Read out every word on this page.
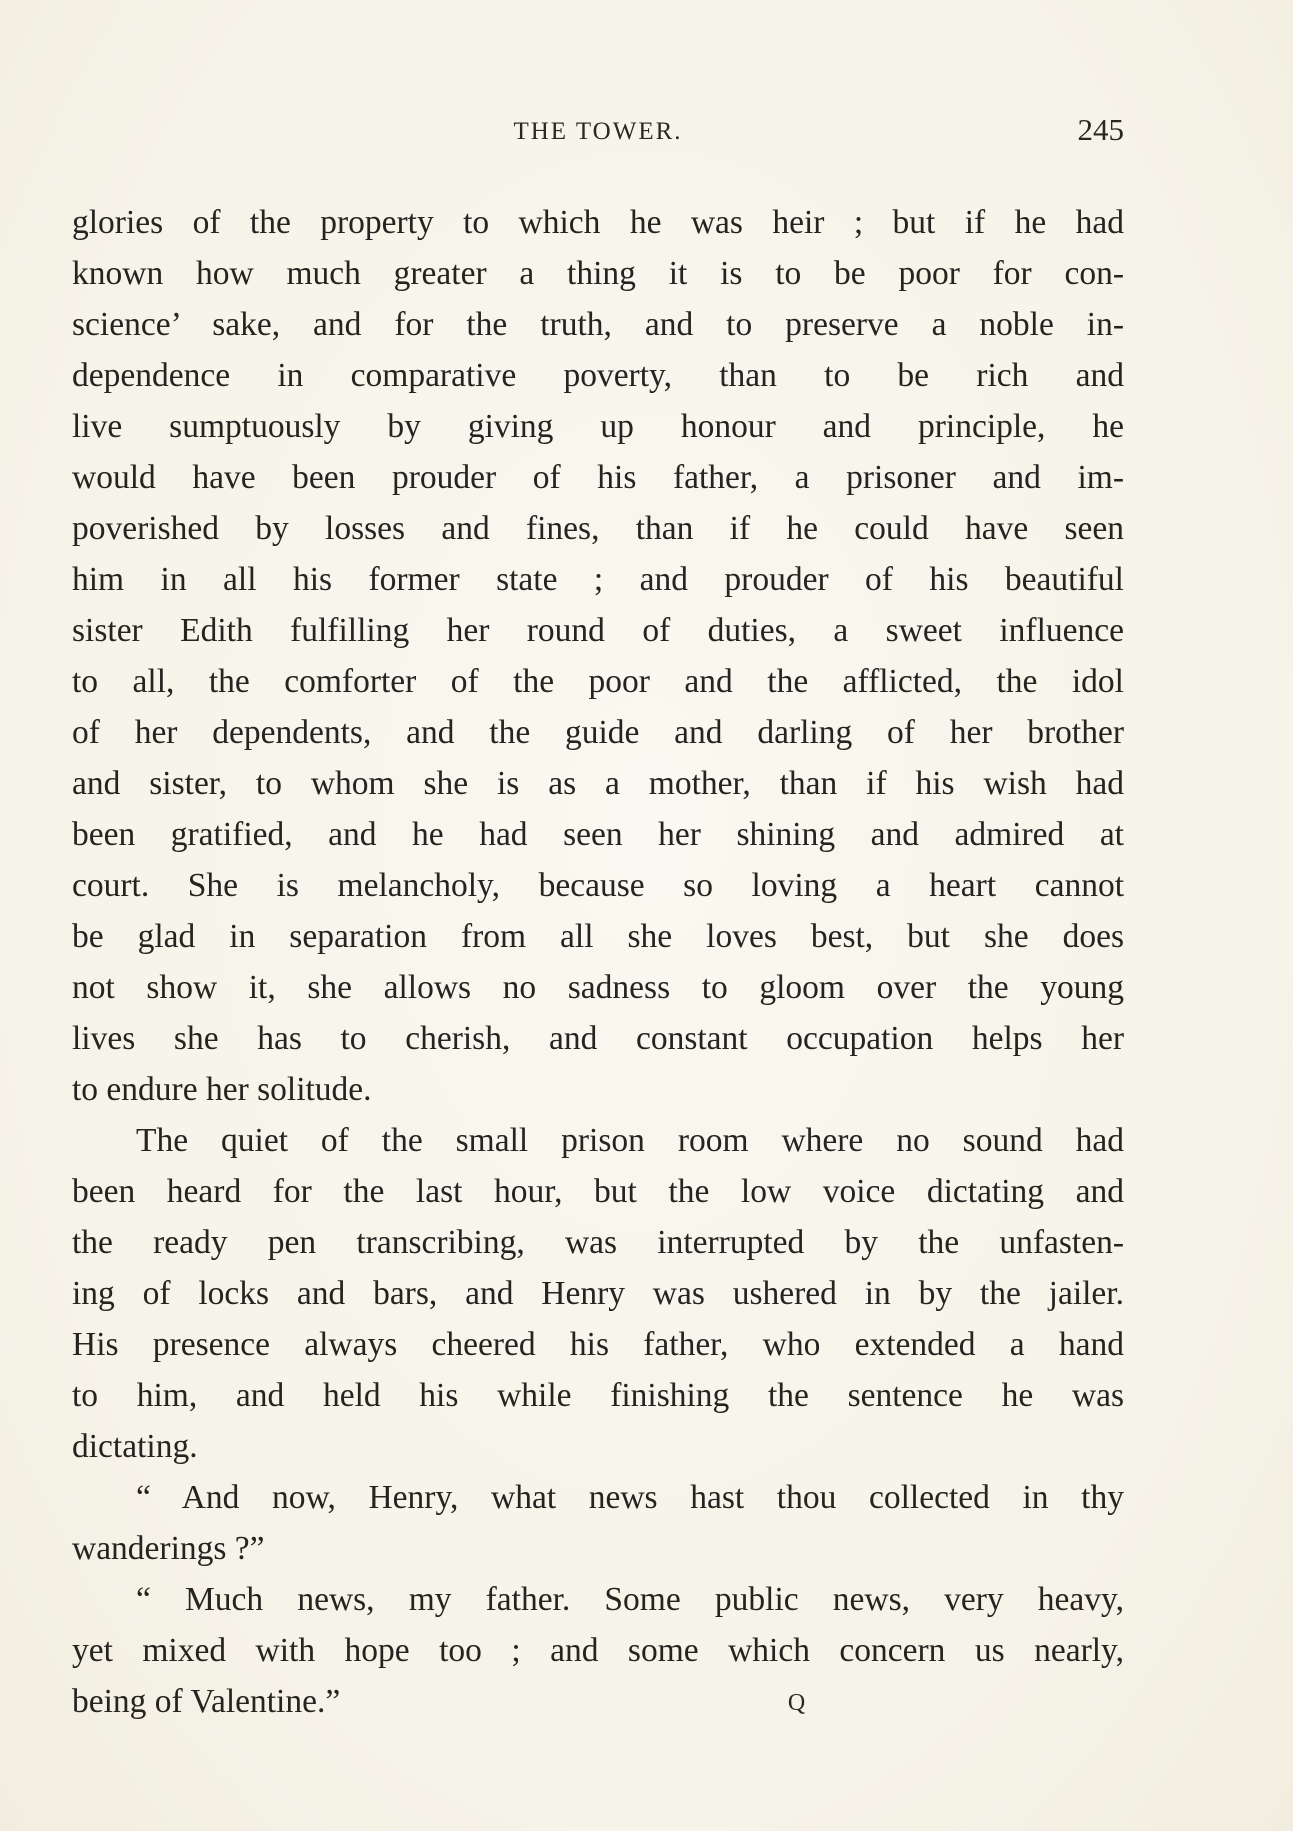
THE TOWER.	245
glories of the property to which he was heir ; but if he had
known how much greater a thing it is to be poor for con-
science’ sake, and for the truth, and to preserve a noble in-
dependence in comparative poverty, than to be rich and
live sumptuously by giving up honour and principle, he
would have been prouder of his father, a prisoner and im-
poverished by losses and fines, than if he could have seen
him in all his former state ; and prouder of his beautiful
sister Edith fulfilling her round of duties, a sweet influence
to all, the comforter of the poor and the afflicted, the idol
of her dependents, and the guide and darling of her brother
and sister, to whom she is as a mother, than if his wish had
been gratified, and he had seen her shining and admired at
court. She is melancholy, because so loving a heart cannot
be glad in separation from all she loves best, but she does
not show it, she allows no sadness to gloom over the young
lives she has to cherish, and constant occupation helps her
to endure her solitude.
The quiet of the small prison room where no sound had
been heard for the last hour, but the low voice dictating and
the ready pen transcribing, was interrupted by the unfasten-
ing of locks and bars, and Henry was ushered in by the jailer.
His presence always cheered his father, who extended a hand
to him, and held his while finishing the sentence he was
dictating.
“ And now, Henry, what news hast thou collected in thy
wanderings ?”
“ Much news, my father. Some public news, very heavy,
yet mixed with hope too ; and some which concern us nearly,
being of Valentine.”	Q
